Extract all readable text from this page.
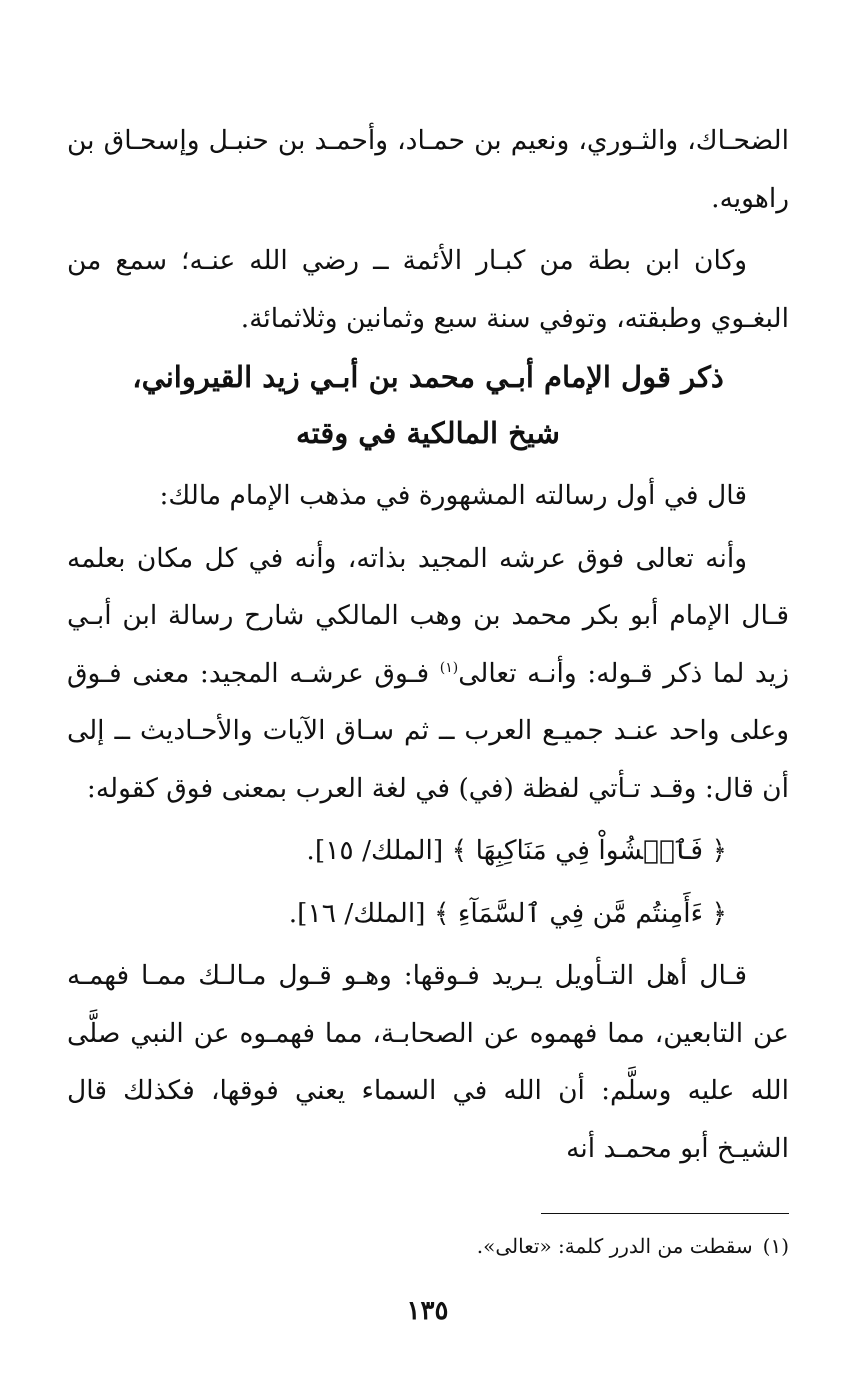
الضحـاك، والثـوري، ونعيم بن حمـاد، وأحمـد بن حنبـل وإسحـاق بن راهويه.

وكان ابن بطة من كبـار الأئمة ــ رضي الله عنـه؛ سمع من البغـوي وطبقته، وتوفي سنة سبع وثمانين وثلاثمائة.

ذكر قول الإمام أبـي محمد بن أبـي زيد القيرواني،
شيخ المالكية في وقته

قال في أول رسالته المشهورة في مذهب الإمام مالك:

وأنه تعالى فوق عرشه المجيد بذاته، وأنه في كل مكان بعلمه قـال الإمام أبو بكر محمد بن وهب المالكي شارح رسالة ابن أبـي زيد لما ذكر قـوله: وأنـه تعالى$^{(١)}$ فـوق عرشـه المجيد: معنى فـوق وعلى واحد عنـد جميـع العرب ــ ثم سـاق الآيات والأحـاديث ــ إلى أن قال: وقـد تـأتي لفظة (في) في لغة العرب بمعنى فوق كقوله:

﴿ فَٱمۡشُواْ فِي مَنَاكِبِهَا ﴾ [الملك/ ١٥].

﴿ ءَأَمِنتُم مَّن فِي ٱلسَّمَآءِ ﴾ [الملك/ ١٦].

قـال أهل التـأويل يـريد فـوقها: وهـو قـول مـالـك ممـا فهمـه عن التابعين، مما فهموه عن الصحابـة، مما فهمـوه عن النبي صلَّى الله عليه وسلَّم: أن الله في السماء يعني فوقها، فكذلك قال الشيـخ أبو محمـد أنه

(١)سقطت من الدرر كلمة: «تعالى».
١٣٥
